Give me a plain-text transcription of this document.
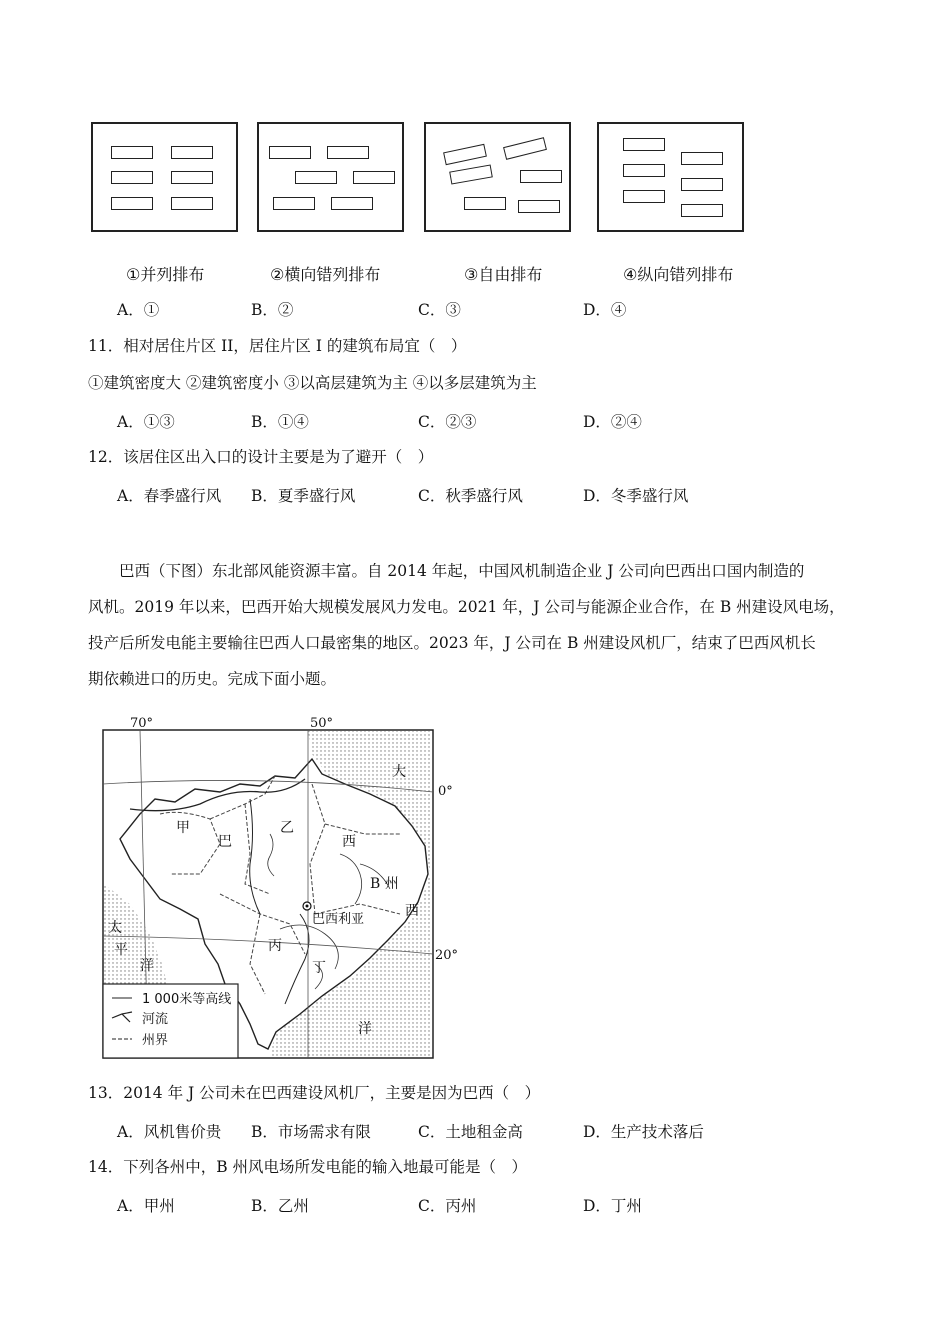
①并列排布	②横向错列排布	③自由排布	④纵向错列排布
A．①	B．②	C．③	D．④
11．相对居住片区 II，居住片区 I 的建筑布局宜（　）
①建筑密度大 ②建筑密度小 ③以高层建筑为主 ④以多层建筑为主
A．①③	B．①④	C．②③	D．②④
12．该居住区出入口的设计主要是为了避开（　）
A．春季盛行风 B．夏季盛行风	C．秋季盛行风	D．冬季盛行风
　　巴西（下图）东北部风能资源丰富。自 2014 年起，中国风机制造企业 J 公司向巴西出口国内制造的
风机。2019 年以来，巴西开始大规模发展风力发电。2021 年，J 公司与能源企业合作，在 B 州建设风电场，
投产后所发电能主要输往巴西人口最密集的地区。2023 年，J 公司在 B 州建设风机厂，结束了巴西风机长
期依赖进口的历史。完成下面小题。
70°	50°
0°
20°
大
西
洋
太
平
洋
甲
巴
乙
西
B 州
巴西利亚
丙
丁
1 000米等高线
河流
州界
13．2014 年 J 公司未在巴西建设风机厂，主要是因为巴西（　）
A．风机售价贵 B．市场需求有限	C．土地租金高	D．生产技术落后
14．下列各州中，B 州风电场所发电能的输入地最可能是（　）
A．甲州	B．乙州	C．丙州	D．丁州
